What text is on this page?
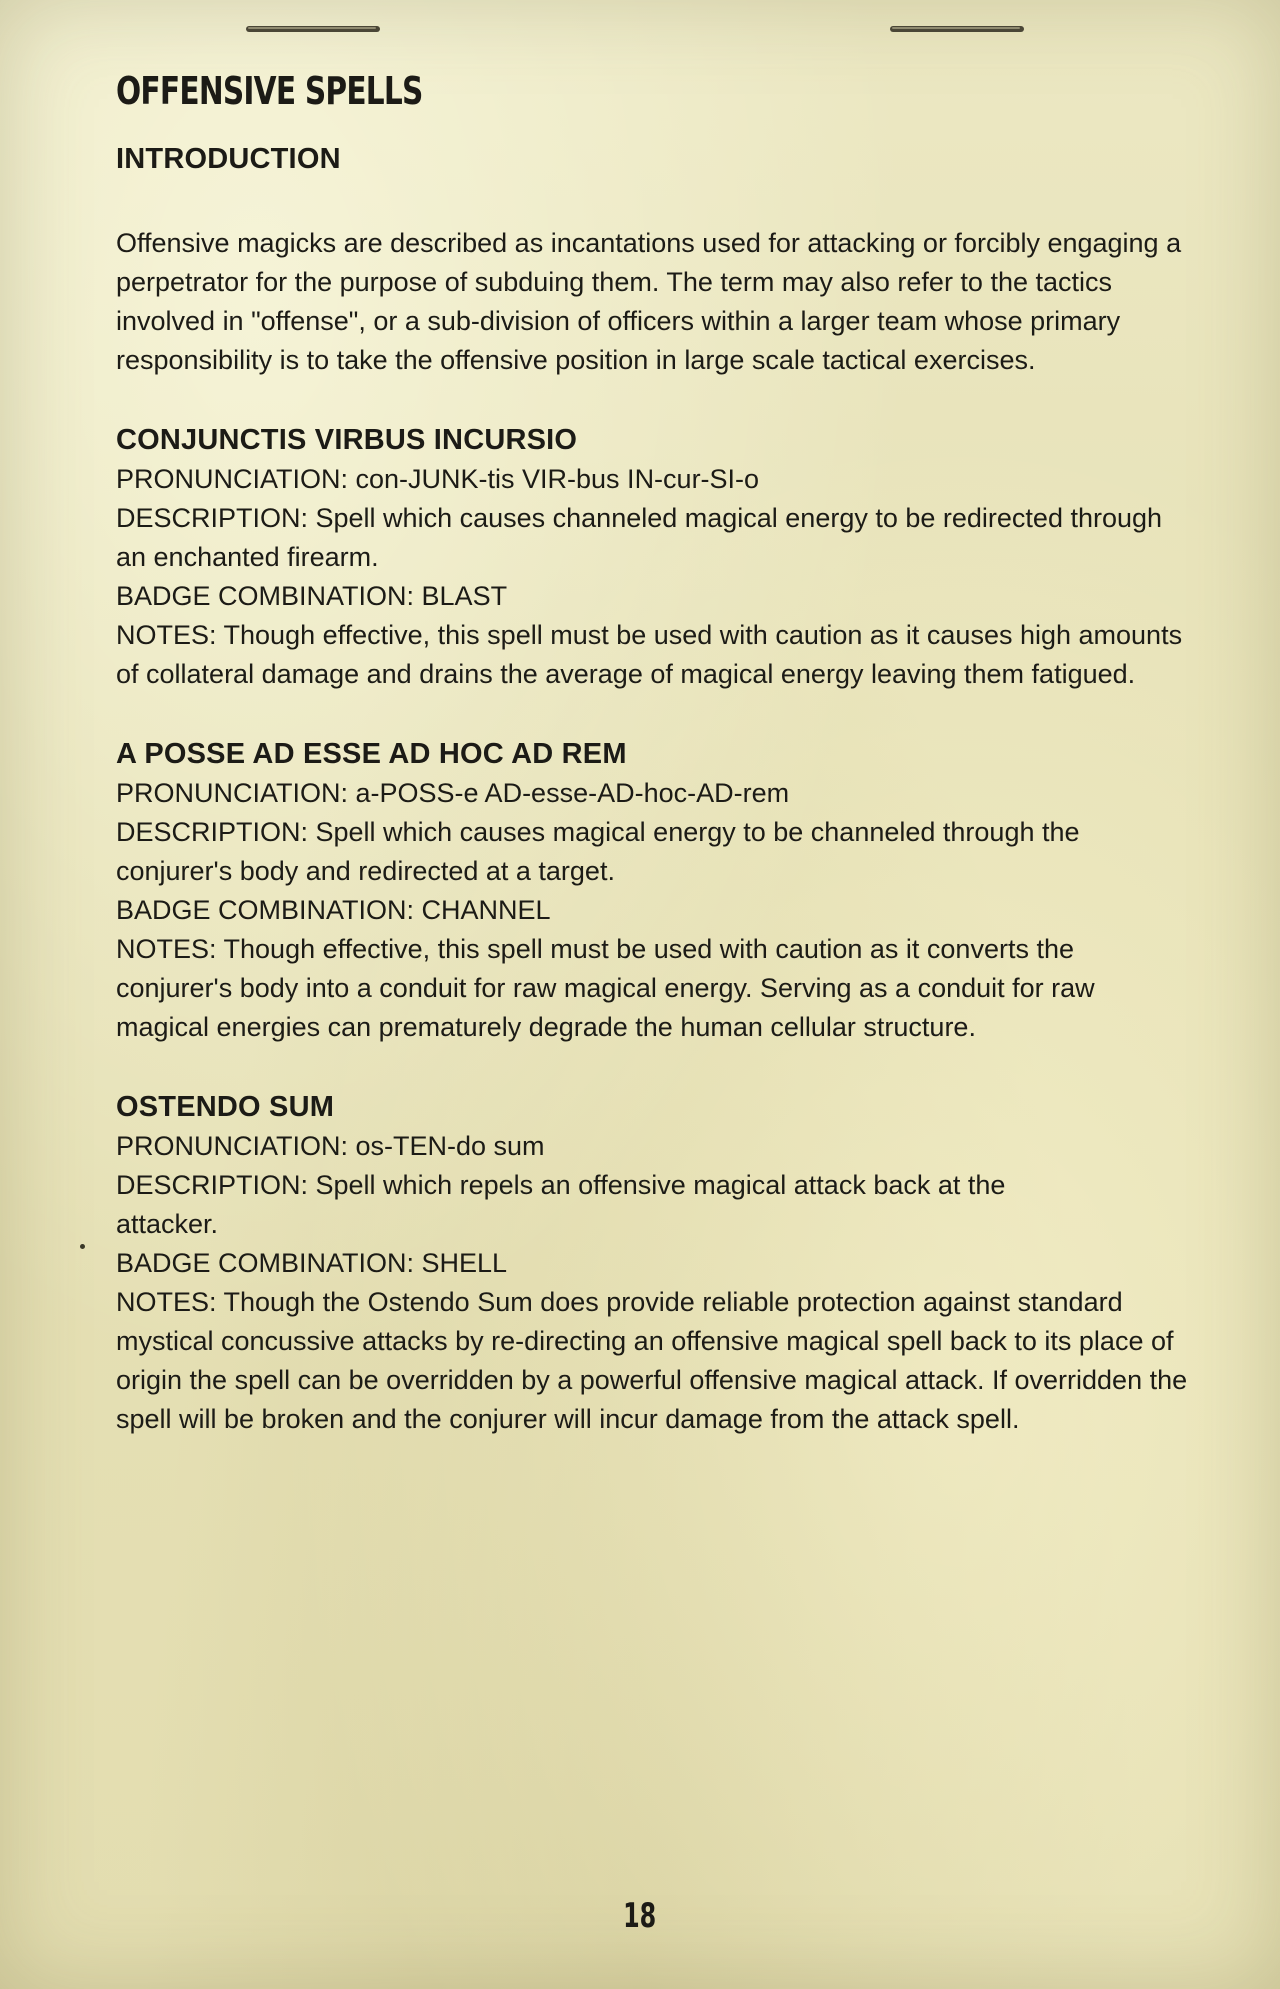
OFFENSIVE SPELLS
INTRODUCTION

Offensive magicks are described as incantations used for attacking or forcibly engaging a perpetrator for the purpose of subduing them. The term may also refer to the tactics involved in "offense", or a sub-division of officers within a larger team whose primary responsibility is to take the offensive position in large scale tactical exercises.

CONJUNCTIS VIRBUS INCURSIO

PRONUNCIATION: con-JUNK-tis VIR-bus IN-cur-SI-o

DESCRIPTION: Spell which causes channeled magical energy to be redirected through an enchanted firearm.

BADGE COMBINATION: BLAST

NOTES: Though effective, this spell must be used with caution as it causes high amounts of collateral damage and drains the average of magical energy leaving them fatigued.

A POSSE AD ESSE AD HOC AD REM

PRONUNCIATION: a-POSS-e AD-esse-AD-hoc-AD-rem

DESCRIPTION: Spell which causes magical energy to be channeled through the conjurer's body and redirected at a target.

BADGE COMBINATION: CHANNEL

NOTES: Though effective, this spell must be used with caution as it converts the conjurer's body into a conduit for raw magical energy. Serving as a conduit for raw magical energies can prematurely degrade the human cellular structure.

OSTENDO SUM

PRONUNCIATION: os-TEN-do sum

DESCRIPTION: Spell which repels an offensive magical attack back at the attacker.

BADGE COMBINATION: SHELL

NOTES: Though the Ostendo Sum does provide reliable protection against standard mystical concussive attacks by re-directing an offensive magical spell back to its place of origin the spell can be overridden by a powerful offensive magical attack. If overridden the spell will be broken and the conjurer will incur damage from the attack spell.

18
